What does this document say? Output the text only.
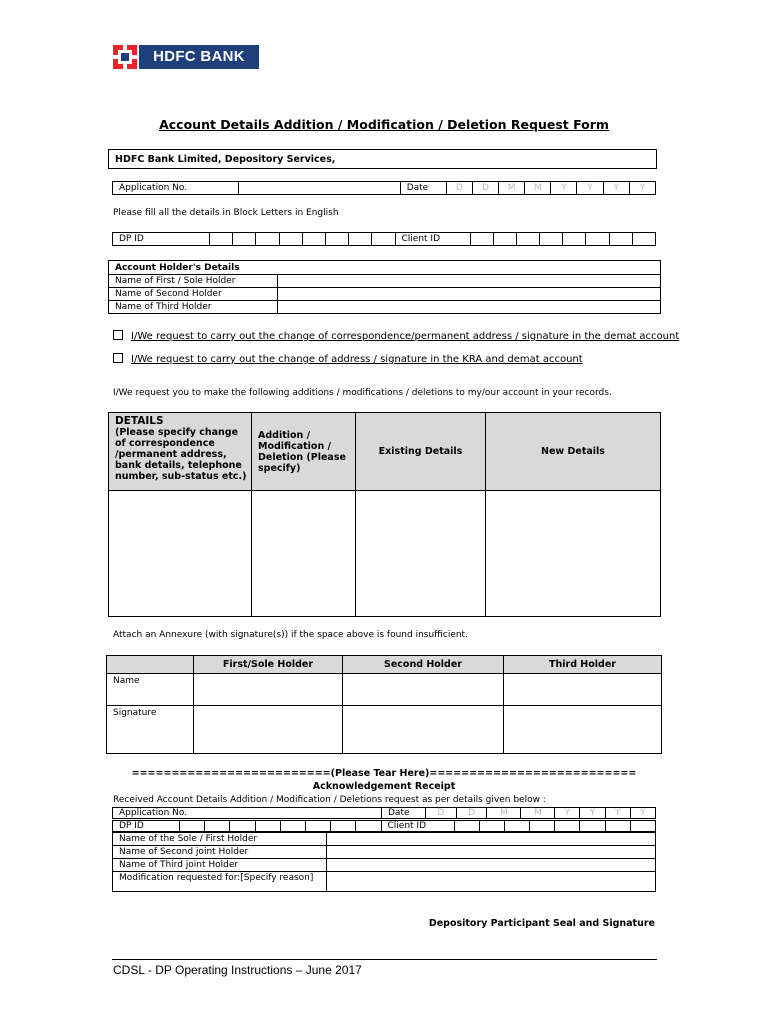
HDFC BANK
Account Details Addition / Modification / Deletion Request Form
HDFC Bank Limited, Depository Services,
Application No.		Date	D	D	M	M	Y	Y	Y	Y
Please fill all the details in Block Letters in English
DP ID									Client ID								
Account Holder's Details	
Name of First / Sole Holder	
Name of Second Holder	
Name of Third Holder	
I/We request to carry out the change of correspondence/permanent address / signature in the demat account
I/We request to carry out the change of address / signature in the KRA and demat account
I/We request you to make the following additions / modifications / deletions to my/our account in your records.
DETAILS
(Please specify change of correspondence /permanent address, bank details, telephone number, sub-status etc.)	Addition / Modification / Deletion (Please specify)	Existing Details	New Details

Attach an Annexure (with signature(s)) if the space above is found insufficient.
	First/Sole Holder	Second Holder	Third Holder
Name			
Signature			
=========================(Please Tear Here)==========================
Acknowledgement Receipt
Received Account Details Addition / Modification / Deletions request as per details given below :
Application No.	Date	D	D	M	M	Y	Y	Y	Y
DP ID									Client ID								
Name of the Sole / First Holder	
Name of Second joint Holder	
Name of Third joint Holder	
Modification requested for:[Specify reason]	
Depository Participant Seal and Signature
CDSL - DP Operating Instructions – June 2017
